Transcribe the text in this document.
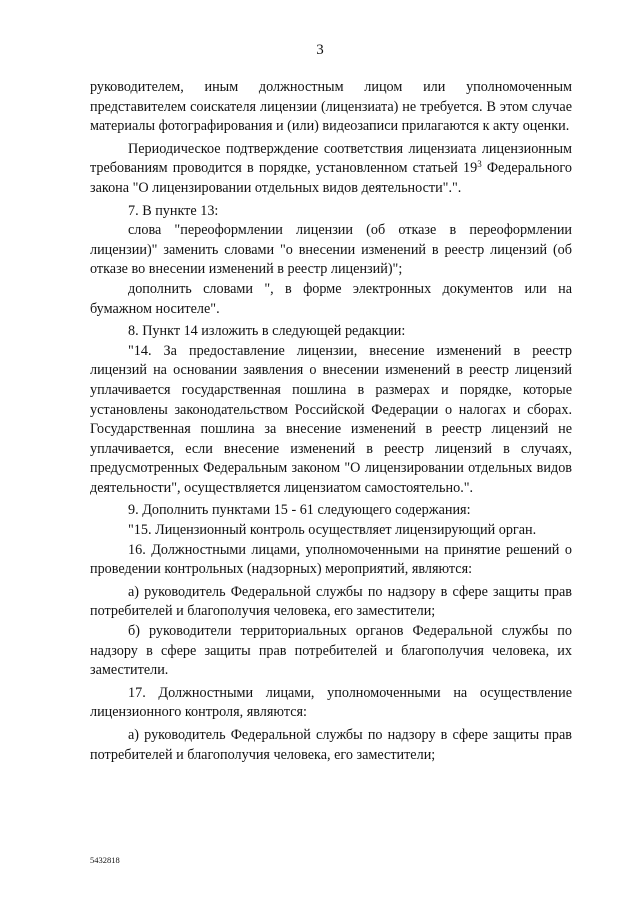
3

руководителем, иным должностным лицом или уполномоченным представителем соискателя лицензии (лицензиата) не требуется. В этом случае материалы фотографирования и (или) видеозаписи прилагаются к акту оценки.

Периодическое подтверждение соответствия лицензиата лицензионным требованиям проводится в порядке, установленном статьей $19^3$ Федерального закона "О лицензировании отдельных видов деятельности".".

7. В пункте 13:

слова "переоформлении лицензии (об отказе в переоформлении лицензии)" заменить словами "о внесении изменений в реестр лицензий (об отказе во внесении изменений в реестр лицензий)";

дополнить словами ", в форме электронных документов или на бумажном носителе".

8. Пункт 14 изложить в следующей редакции:

"14. За предоставление лицензии, внесение изменений в реестр лицензий на основании заявления о внесении изменений в реестр лицензий уплачивается государственная пошлина в размерах и порядке, которые установлены законодательством Российской Федерации о налогах и сборах. Государственная пошлина за внесение изменений в реестр лицензий не уплачивается, если внесение изменений в реестр лицензий в случаях, предусмотренных Федеральным законом "О лицензировании отдельных видов деятельности", осуществляется лицензиатом самостоятельно.".

9. Дополнить пунктами 15 - 61 следующего содержания:

"15. Лицензионный контроль осуществляет лицензирующий орган.

16. Должностными лицами, уполномоченными на принятие решений о проведении контрольных (надзорных) мероприятий, являются:

а) руководитель Федеральной службы по надзору в сфере защиты прав потребителей и благополучия человека, его заместители;

б) руководители территориальных органов Федеральной службы по надзору в сфере защиты прав потребителей и благополучия человека, их заместители.

17. Должностными лицами, уполномоченными на осуществление лицензионного контроля, являются:

а) руководитель Федеральной службы по надзору в сфере защиты прав потребителей и благополучия человека, его заместители;

5432818
